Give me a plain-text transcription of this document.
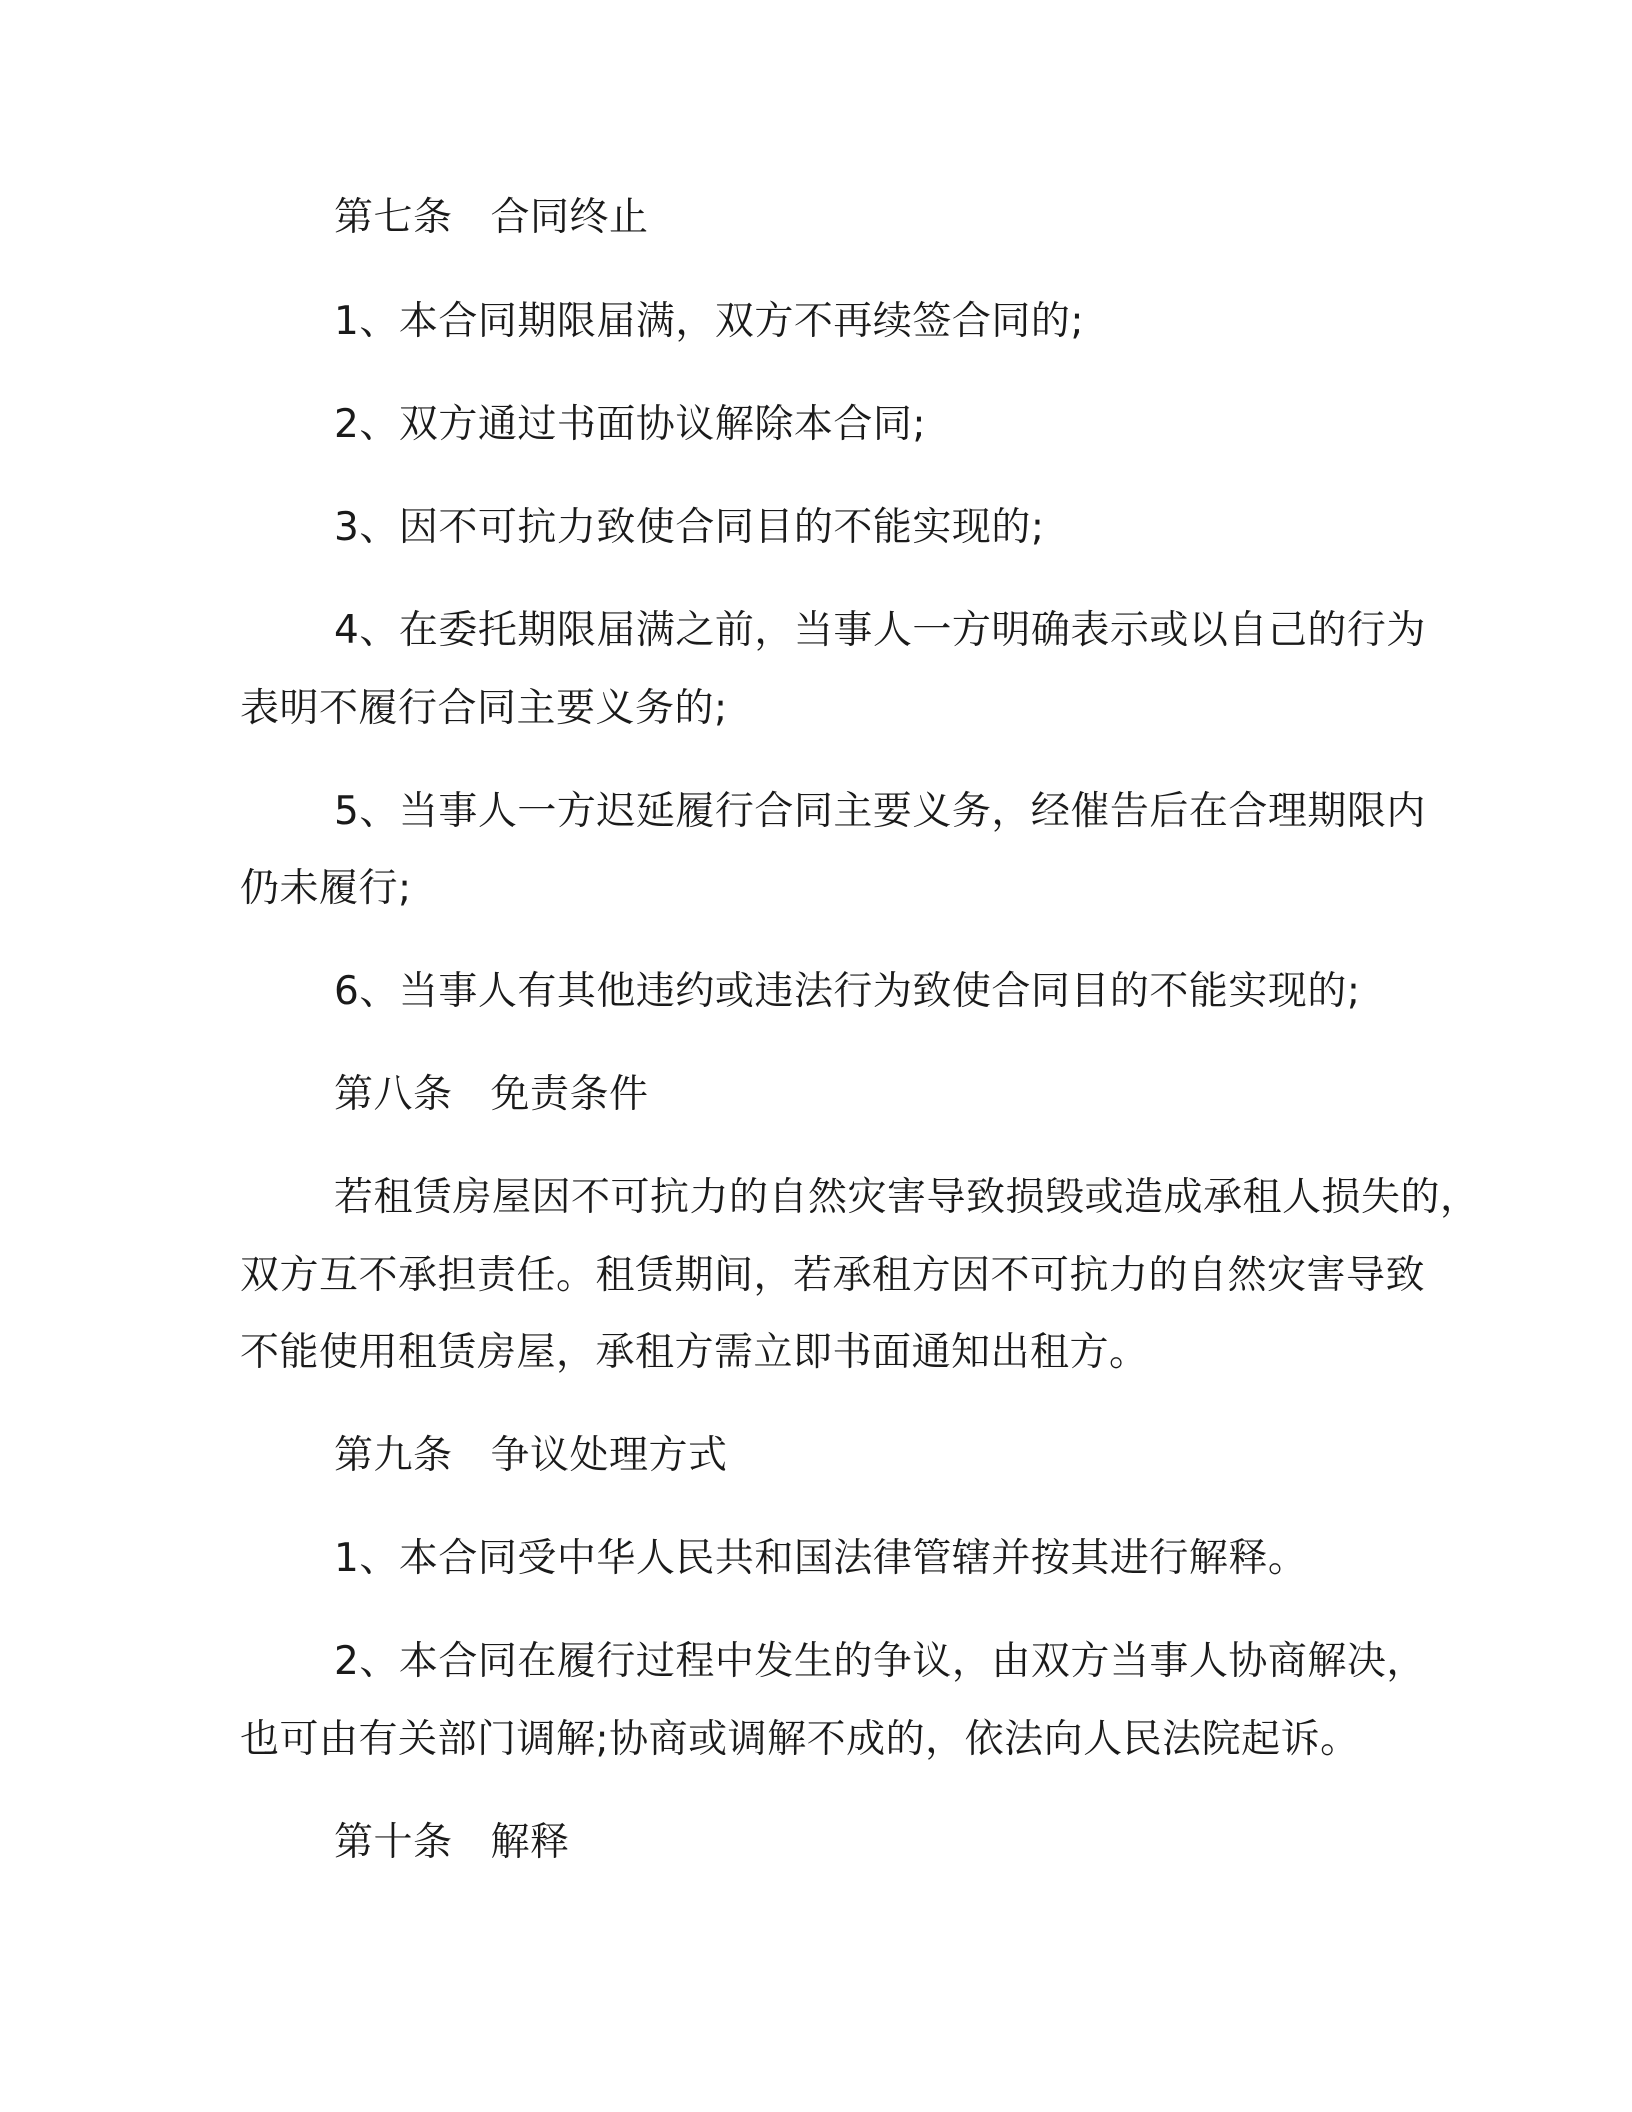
第七条 合同终止
1、本合同期限届满，双方不再续签合同的;
2、双方通过书面协议解除本合同;
3、因不可抗力致使合同目的不能实现的;
4、在委托期限届满之前，当事人一方明确表示或以自己的行为
表明不履行合同主要义务的;
5、当事人一方迟延履行合同主要义务，经催告后在合理期限内
仍未履行;
6、当事人有其他违约或违法行为致使合同目的不能实现的;
第八条 免责条件
若租赁房屋因不可抗力的自然灾害导致损毁或造成承租人损失的，
双方互不承担责任。租赁期间，若承租方因不可抗力的自然灾害导致
不能使用租赁房屋，承租方需立即书面通知出租方。
第九条 争议处理方式
1、本合同受中华人民共和国法律管辖并按其进行解释。
2、本合同在履行过程中发生的争议，由双方当事人协商解决，
也可由有关部门调解;协商或调解不成的，依法向人民法院起诉。
第十条 解释
